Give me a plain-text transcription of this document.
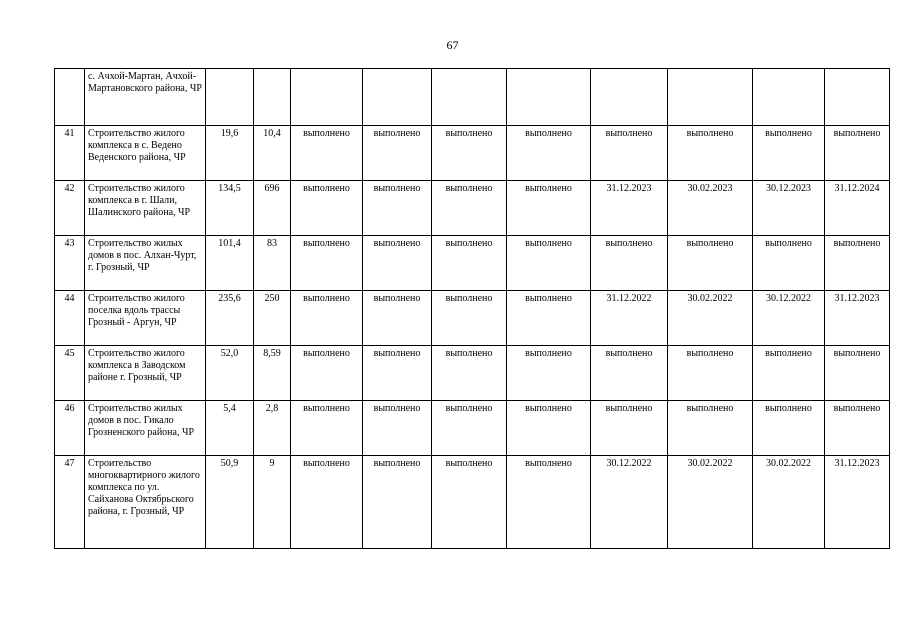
67
	с. Ачхой-Мартан, Ачхой-Мартановского района, ЧР										
41	Строительство жилого комплекса в с. Ведено Веденского района, ЧР	19,6	10,4	выполнено	выполнено	выполнено	выполнено	выполнено	выполнено	выполнено	выполнено
42	Строительство жилого комплекса в г. Шали, Шалинского района, ЧР	134,5	696	выполнено	выполнено	выполнено	выполнено	31.12.2023	30.02.2023	30.12.2023	31.12.2024
43	Строительство жилых домов в пос. Алхан-Чурт, г. Грозный, ЧР	101,4	83	выполнено	выполнено	выполнено	выполнено	выполнено	выполнено	выполнено	выполнено
44	Строительство жилого поселка вдоль трассы Грозный - Аргун, ЧР	235,6	250	выполнено	выполнено	выполнено	выполнено	31.12.2022	30.02.2022	30.12.2022	31.12.2023
45	Строительство жилого комплекса в Заводском районе г. Грозный, ЧР	52,0	8,59	выполнено	выполнено	выполнено	выполнено	выполнено	выполнено	выполнено	выполнено
46	Строительство жилых домов в пос. Гикало Грозненского района, ЧР	5,4	2,8	выполнено	выполнено	выполнено	выполнено	выполнено	выполнено	выполнено	выполнено
47	Строительство многоквартирного жилого комплекса по ул. Сайханова Октябрьского района, г. Грозный, ЧР	50,9	9	выполнено	выполнено	выполнено	выполнено	30.12.2022	30.02.2022	30.02.2022	31.12.2023
